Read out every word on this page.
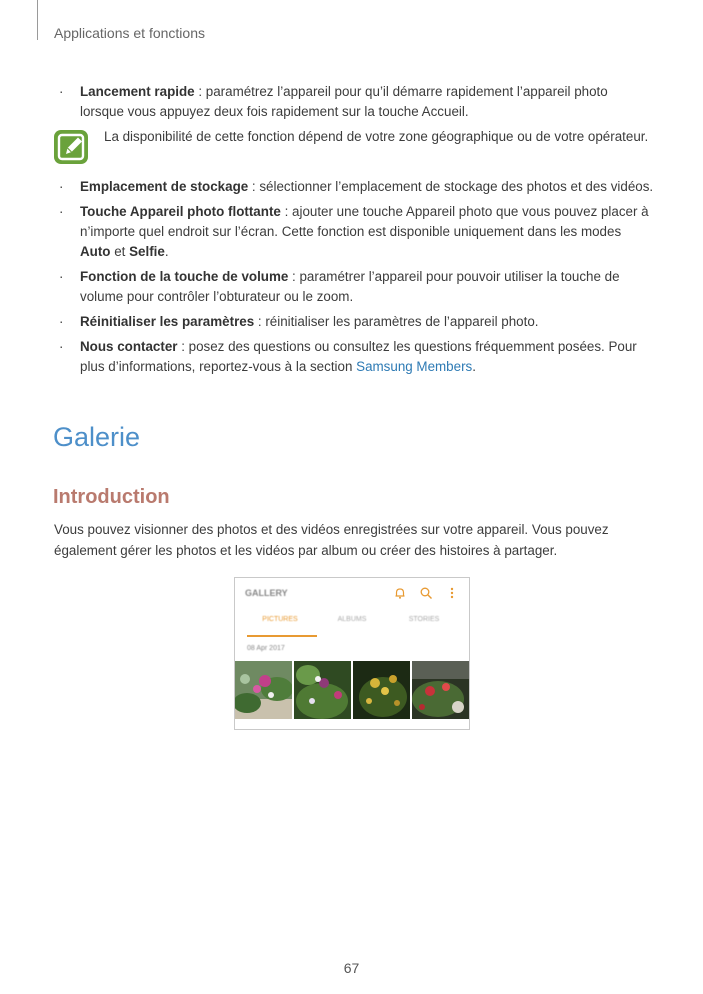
Applications et fonctions
· Lancement rapide : paramétrez l’appareil pour qu’il démarre rapidement l’appareil photo lorsque vous appuyez deux fois rapidement sur la touche Accueil.
La disponibilité de cette fonction dépend de votre zone géographique ou de votre opérateur.
· Emplacement de stockage : sélectionner l’emplacement de stockage des photos et des vidéos.
· Touche Appareil photo flottante : ajouter une touche Appareil photo que vous pouvez placer à n’importe quel endroit sur l’écran. Cette fonction est disponible uniquement dans les modes Auto et Selfie.
· Fonction de la touche de volume : paramétrer l’appareil pour pouvoir utiliser la touche de volume pour contrôler l’obturateur ou le zoom.
· Réinitialiser les paramètres : réinitialiser les paramètres de l’appareil photo.
· Nous contacter : posez des questions ou consultez les questions fréquemment posées. Pour plus d’informations, reportez-vous à la section Samsung Members.
Galerie
Introduction

Vous pouvez visionner des photos et des vidéos enregistrées sur votre appareil. Vous pouvez également gérer les photos et les vidéos par album ou créer des histoires à partager.

GALLERY
PICTURES	ALBUMS	STORIES
08 Apr 2017
67
